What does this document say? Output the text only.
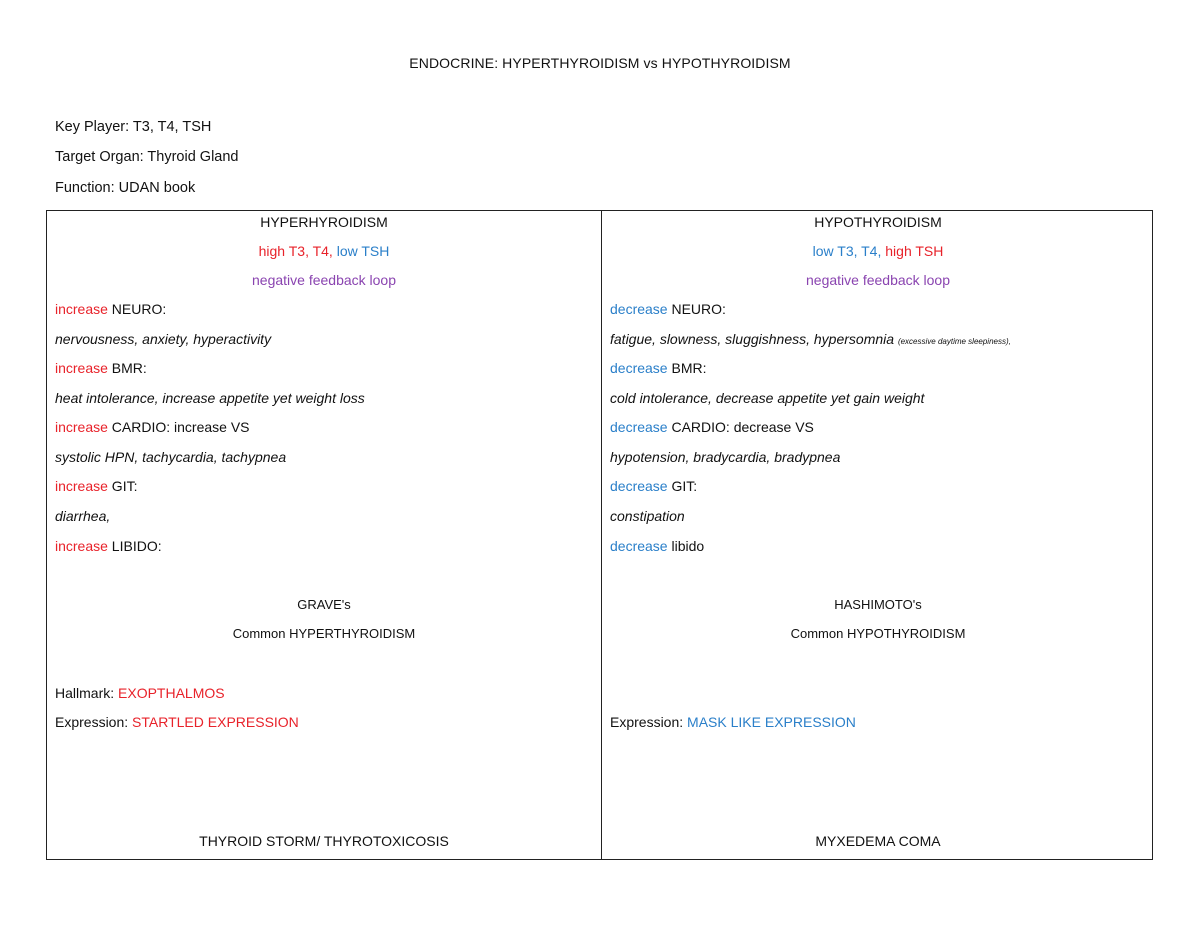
ENDOCRINE: HYPERTHYROIDISM vs HYPOTHYROIDISM
Key Player: T3, T4, TSH
Target Organ: Thyroid Gland
Function: UDAN book
HYPERHYROIDISM
high T3, T4, low TSH
negative feedback loop
increase NEURO:
nervousness, anxiety, hyperactivity
increase BMR:
heat intolerance, increase appetite yet weight loss
increase CARDIO: increase VS
systolic HPN, tachycardia, tachypnea
increase GIT:
diarrhea,
increase LIBIDO:
GRAVE's
Common HYPERTHYROIDISM
Hallmark: EXOPTHALMOS
Expression: STARTLED EXPRESSION
THYROID STORM/ THYROTOXICOSIS
HYPOTHYROIDISM
low T3, T4, high TSH
negative feedback loop
decrease NEURO:
fatigue, slowness, sluggishness, hypersomnia (excessive daytime sleepiness),
decrease BMR:
cold intolerance, decrease appetite yet gain weight
decrease CARDIO: decrease VS
hypotension, bradycardia, bradypnea
decrease GIT:
constipation
decrease libido
HASHIMOTO's
Common HYPOTHYROIDISM
Expression: MASK LIKE EXPRESSION
MYXEDEMA COMA
